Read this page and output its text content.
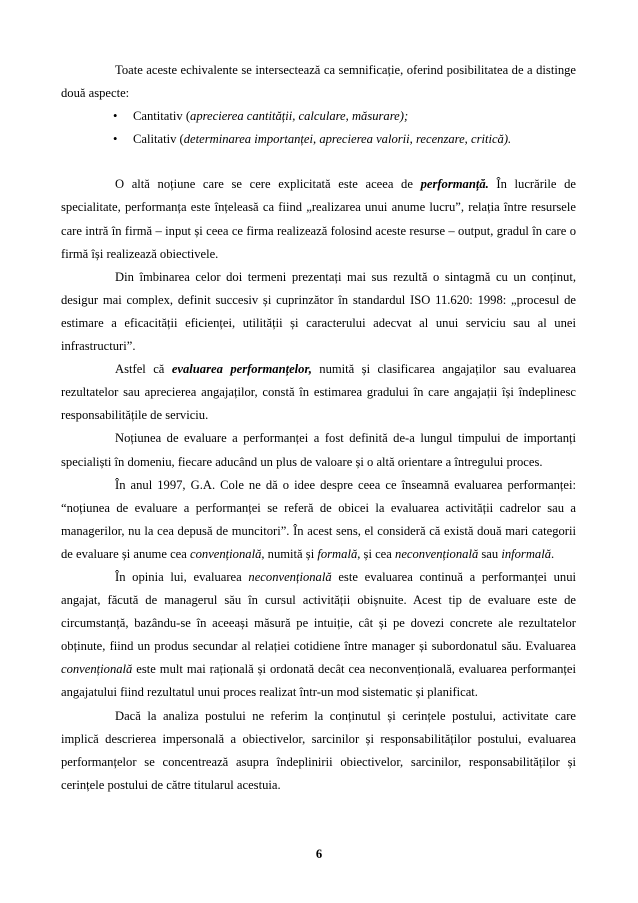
Toate aceste echivalente se intersectează ca semnificație, oferind posibilitatea de a distinge două aspecte:

• Cantitativ (aprecierea cantității, calculare, măsurare);
• Calitativ (determinarea importanței, aprecierea valorii, recenzare, critică).

O altă noțiune care se cere explicitată este aceea de performanță. În lucrările de specialitate, performanța este înțeleasă ca fiind „realizarea unui anume lucru”, relația între resursele care intră în firmă – input și ceea ce firma realizează folosind aceste resurse – output, gradul în care o firmă își realizează obiectivele.

Din îmbinarea celor doi termeni prezentați mai sus rezultă o sintagmă cu un conținut, desigur mai complex, definit succesiv și cuprinzător în standardul ISO 11.620: 1998: „procesul de estimare a eficacității eficienței, utilității și caracterului adecvat al unui serviciu sau al unei infrastructuri”.

Astfel că evaluarea performanțelor, numită și clasificarea angajaților sau evaluarea rezultatelor sau aprecierea angajaților, constă în estimarea gradului în care angajații își îndeplinesc responsabilitățile de serviciu.

Noțiunea de evaluare a performanței a fost definită de-a lungul timpului de importanți specialiști în domeniu, fiecare aducând un plus de valoare și o altă orientare a întregului proces.

În anul 1997, G.A. Cole ne dă o idee despre ceea ce înseamnă evaluarea performanței: “noțiunea de evaluare a performanței se referă de obicei la evaluarea activității cadrelor sau a managerilor, nu la cea depusă de muncitori”. În acest sens, el consideră că există două mari categorii de evaluare și anume cea convențională, numită și formală, și cea neconvențională sau informală.

În opinia lui, evaluarea neconvențională este evaluarea continuă a performanței unui angajat, făcută de managerul său în cursul activității obișnuite. Acest tip de evaluare este de circumstanță, bazându-se în aceeași măsură pe intuiție, cât și pe dovezi concrete ale rezultatelor obținute, fiind un produs secundar al relației cotidiene între manager și subordonatul său. Evaluarea convențională este mult mai rațională și ordonată decât cea neconvențională, evaluarea performanței angajatului fiind rezultatul unui proces realizat într-un mod sistematic și planificat.

Dacă la analiza postului ne referim la conținutul și cerințele postului, activitate care implică descrierea impersonală a obiectivelor, sarcinilor și responsabilităților postului, evaluarea performanțelor se concentrează asupra îndeplinirii obiectivelor, sarcinilor, responsabilităților și cerințele postului de către titularul acestuia.

6
